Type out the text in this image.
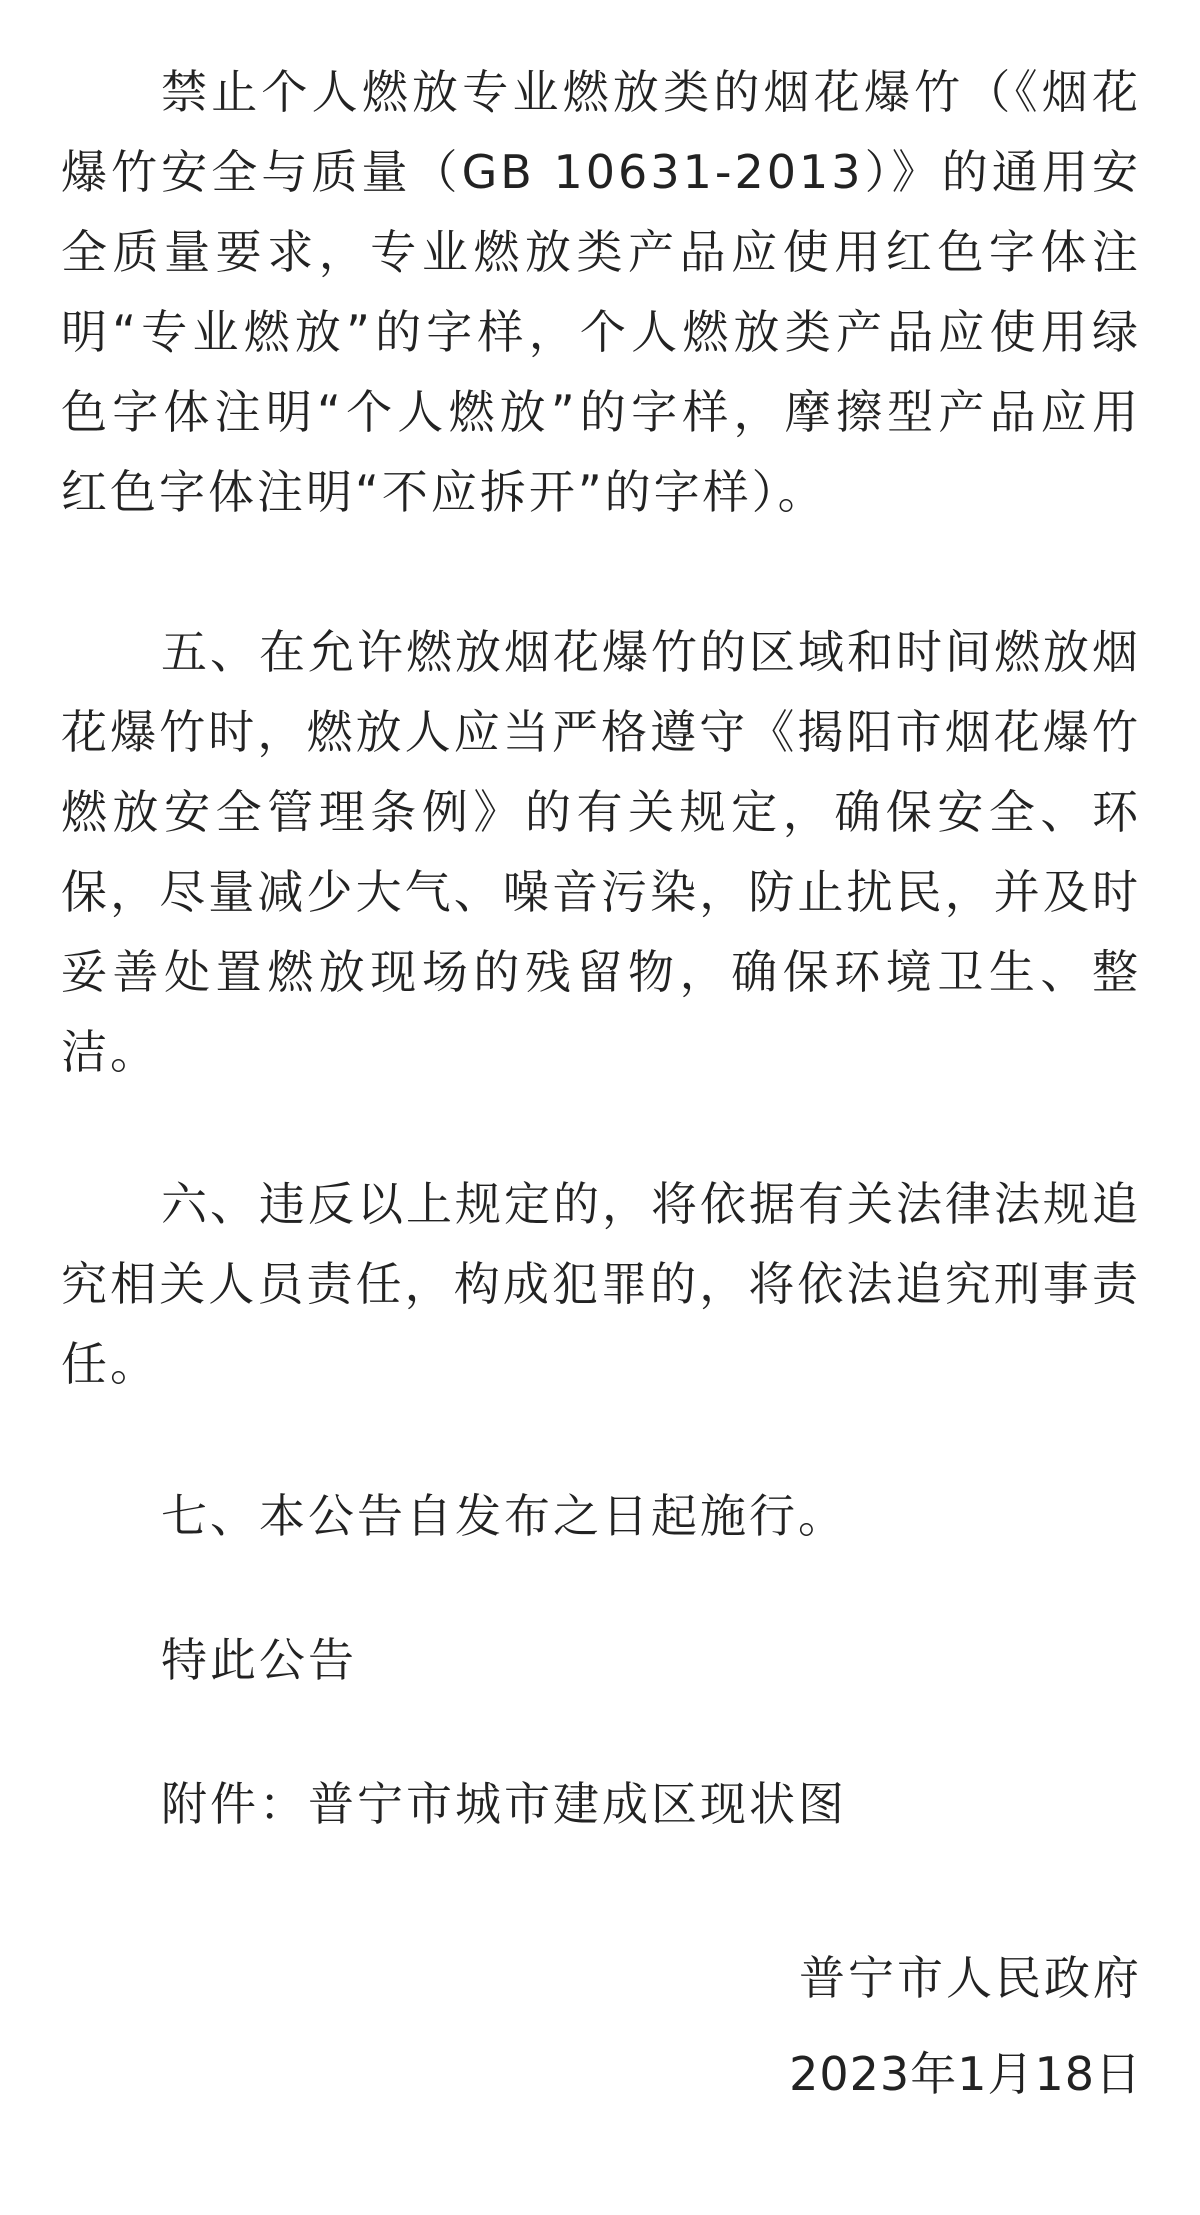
禁止个人燃放专业燃放类的烟花爆竹（《烟花爆竹安全与质量（GB 10631-2013）》的通用安全质量要求，专业燃放类产品应使用红色字体注明“专业燃放”的字样，个人燃放类产品应使用绿色字体注明“个人燃放”的字样，摩擦型产品应用红色字体注明“不应拆开”的字样）。

五、在允许燃放烟花爆竹的区域和时间燃放烟花爆竹时，燃放人应当严格遵守《揭阳市烟花爆竹燃放安全管理条例》的有关规定，确保安全、环保，尽量减少大气、噪音污染，防止扰民，并及时妥善处置燃放现场的残留物，确保环境卫生、整洁。

六、违反以上规定的，将依据有关法律法规追究相关人员责任，构成犯罪的，将依法追究刑事责任。

七、本公告自发布之日起施行。

特此公告

附件：普宁市城市建成区现状图

普宁市人民政府

2023年1月18日
